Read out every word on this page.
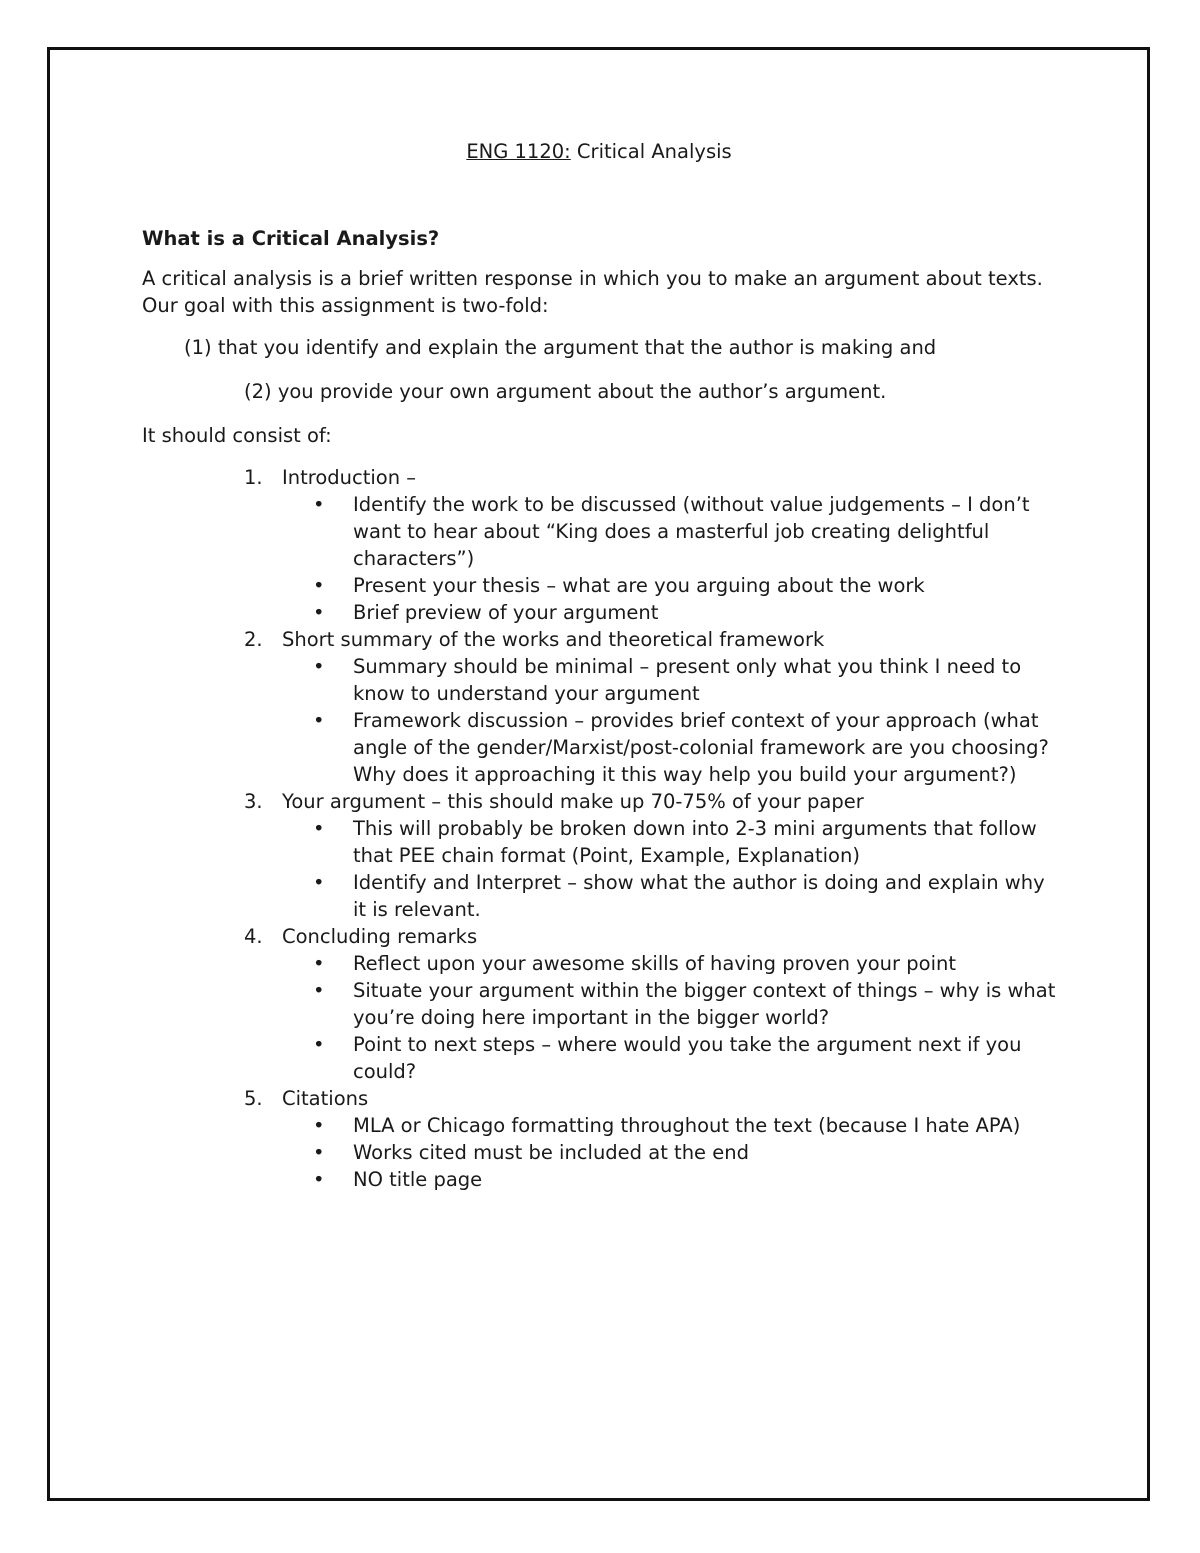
ENG 1120: Critical Analysis

What is a Critical Analysis?

A critical analysis is a brief written response in which you to make an argument about texts. Our goal with this assignment is two-fold:

(1) that you identify and explain the argument that the author is making and

(2) you provide your own argument about the author’s argument.

It should consist of:

1. Introduction –
• Identify the work to be discussed (without value judgements – I don’t want to hear about “King does a masterful job creating delightful characters”)
• Present your thesis – what are you arguing about the work
• Brief preview of your argument
2. Short summary of the works and theoretical framework
• Summary should be minimal – present only what you think I need to know to understand your argument
• Framework discussion – provides brief context of your approach (what angle of the gender/Marxist/post-colonial framework are you choosing? Why does it approaching it this way help you build your argument?)
3. Your argument – this should make up 70-75% of your paper
• This will probably be broken down into 2-3 mini arguments that follow that PEE chain format (Point, Example, Explanation)
• Identify and Interpret – show what the author is doing and explain why it is relevant.
4. Concluding remarks
• Reflect upon your awesome skills of having proven your point
• Situate your argument within the bigger context of things – why is what you’re doing here important in the bigger world?
• Point to next steps – where would you take the argument next if you could?
5. Citations
• MLA or Chicago formatting throughout the text (because I hate APA)
• Works cited must be included at the end
• NO title page
